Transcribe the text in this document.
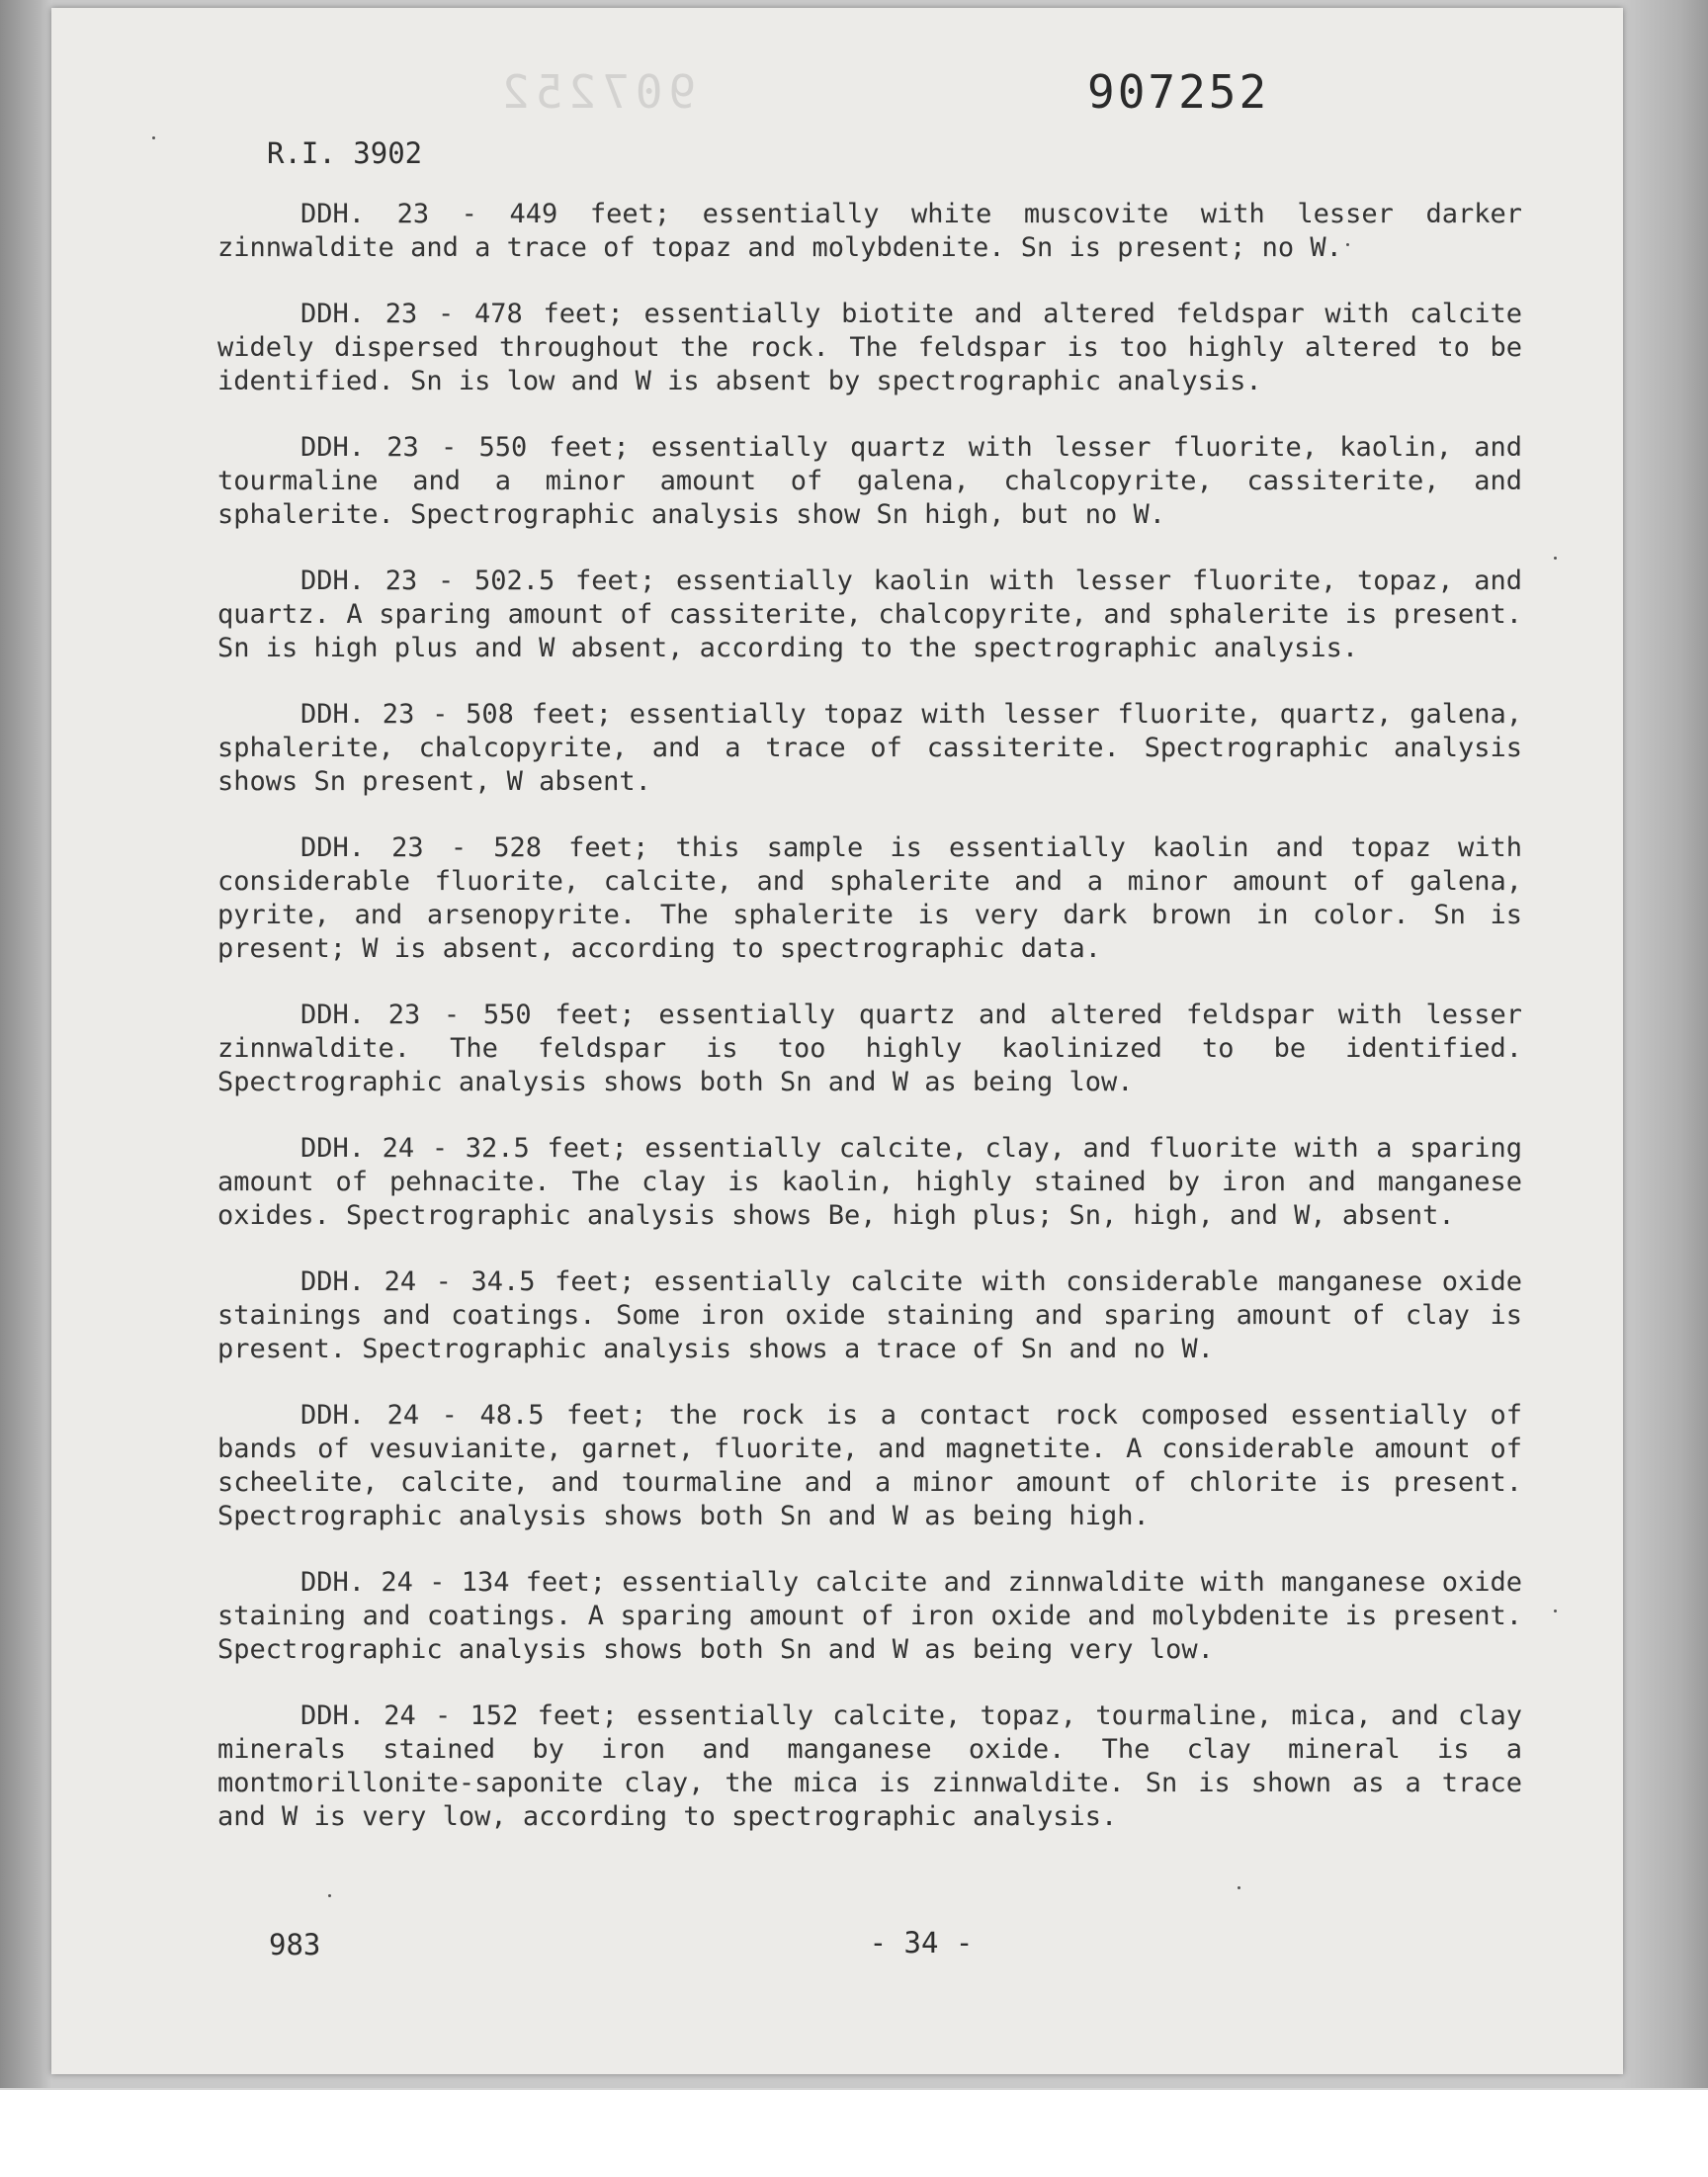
907252	907252
R.I. 3902
983	- 34 -

DDH. 23 - 449 feet; essentially white muscovite with lesser darker zinnwaldite and a trace of topaz and molybdenite. Sn is present; no W.

DDH. 23 - 478 feet; essentially biotite and altered feldspar with calcite widely dispersed throughout the rock. The feldspar is too highly altered to be identified. Sn is low and W is absent by spectrographic analysis.

DDH. 23 - 550 feet; essentially quartz with lesser fluorite, kaolin, and tourmaline and a minor amount of galena, chalcopyrite, cassiterite, and sphalerite. Spectrographic analysis show Sn high, but no W.

DDH. 23 - 502.5 feet; essentially kaolin with lesser fluorite, topaz, and quartz. A sparing amount of cassiterite, chalcopyrite, and sphalerite is present. Sn is high plus and W absent, according to the spectrographic analysis.

DDH. 23 - 508 feet; essentially topaz with lesser fluorite, quartz, galena, sphalerite, chalcopyrite, and a trace of cassiterite. Spectrographic analysis shows Sn present, W absent.

DDH. 23 - 528 feet; this sample is essentially kaolin and topaz with considerable fluorite, calcite, and sphalerite and a minor amount of galena, pyrite, and arsenopyrite. The sphalerite is very dark brown in color. Sn is present; W is absent, according to spectrographic data.

DDH. 23 - 550 feet; essentially quartz and altered feldspar with lesser zinnwaldite. The feldspar is too highly kaolinized to be identified. Spectrographic analysis shows both Sn and W as being low.

DDH. 24 - 32.5 feet; essentially calcite, clay, and fluorite with a sparing amount of pehnacite. The clay is kaolin, highly stained by iron and manganese oxides. Spectrographic analysis shows Be, high plus; Sn, high, and W, absent.

DDH. 24 - 34.5 feet; essentially calcite with considerable manganese oxide stainings and coatings. Some iron oxide staining and sparing amount of clay is present. Spectrographic analysis shows a trace of Sn and no W.

DDH. 24 - 48.5 feet; the rock is a contact rock composed essentially of bands of vesuvianite, garnet, fluorite, and magnetite. A considerable amount of scheelite, calcite, and tourmaline and a minor amount of chlorite is present. Spectrographic analysis shows both Sn and W as being high.

DDH. 24 - 134 feet; essentially calcite and zinnwaldite with manganese oxide staining and coatings. A sparing amount of iron oxide and molybdenite is present. Spectrographic analysis shows both Sn and W as being very low.

DDH. 24 - 152 feet; essentially calcite, topaz, tourmaline, mica, and clay minerals stained by iron and manganese oxide. The clay mineral is a montmorillonite-saponite clay, the mica is zinnwaldite. Sn is shown as a trace and W is very low, according to spectrographic analysis.
